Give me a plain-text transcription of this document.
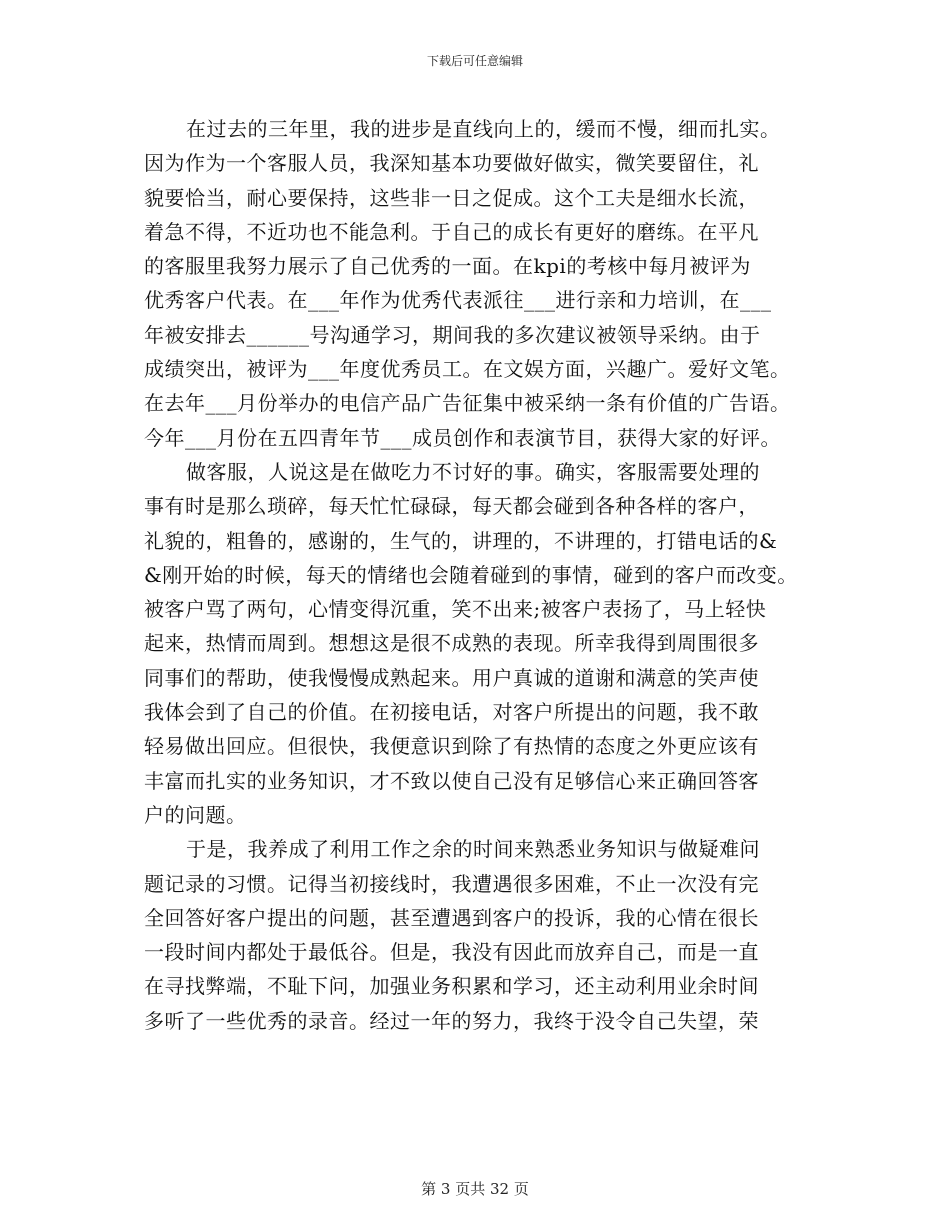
下载后可任意编辑
在过去的三年里，我的进步是直线向上的，缓而不慢，细而扎实。
因为作为一个客服人员，我深知基本功要做好做实，微笑要留住，礼
貌要恰当，耐心要保持，这些非一日之促成。这个工夫是细水长流，
着急不得，不近功也不能急利。于自己的成长有更好的磨练。在平凡
的客服里我努力展示了自己优秀的一面。在kpi的考核中每月被评为
优秀客户代表。在___年作为优秀代表派往___进行亲和力培训，在___
年被安排去______号沟通学习，期间我的多次建议被领导采纳。由于
成绩突出，被评为___年度优秀员工。在文娱方面，兴趣广。爱好文笔。
在去年___月份举办的电信产品广告征集中被采纳一条有价值的广告语。
今年___月份在五四青年节___成员创作和表演节目，获得大家的好评。
做客服，人说这是在做吃力不讨好的事。确实，客服需要处理的
事有时是那么琐碎，每天忙忙碌碌，每天都会碰到各种各样的客户，
礼貌的，粗鲁的，感谢的，生气的，讲理的，不讲理的，打错电话的&
&刚开始的时候，每天的情绪也会随着碰到的事情，碰到的客户而改变。
被客户骂了两句，心情变得沉重，笑不出来;被客户表扬了，马上轻快
起来，热情而周到。想想这是很不成熟的表现。所幸我得到周围很多
同事们的帮助，使我慢慢成熟起来。用户真诚的道谢和满意的笑声使
我体会到了自己的价值。在初接电话，对客户所提出的问题，我不敢
轻易做出回应。但很快，我便意识到除了有热情的态度之外更应该有
丰富而扎实的业务知识，才不致以使自己没有足够信心来正确回答客
户的问题。
于是，我养成了利用工作之余的时间来熟悉业务知识与做疑难问
题记录的习惯。记得当初接线时，我遭遇很多困难，不止一次没有完
全回答好客户提出的问题，甚至遭遇到客户的投诉，我的心情在很长
一段时间内都处于最低谷。但是，我没有因此而放弃自己，而是一直
在寻找弊端，不耻下问，加强业务积累和学习，还主动利用业余时间
多听了一些优秀的录音。经过一年的努力，我终于没令自己失望，荣
第 3 页共 32 页
